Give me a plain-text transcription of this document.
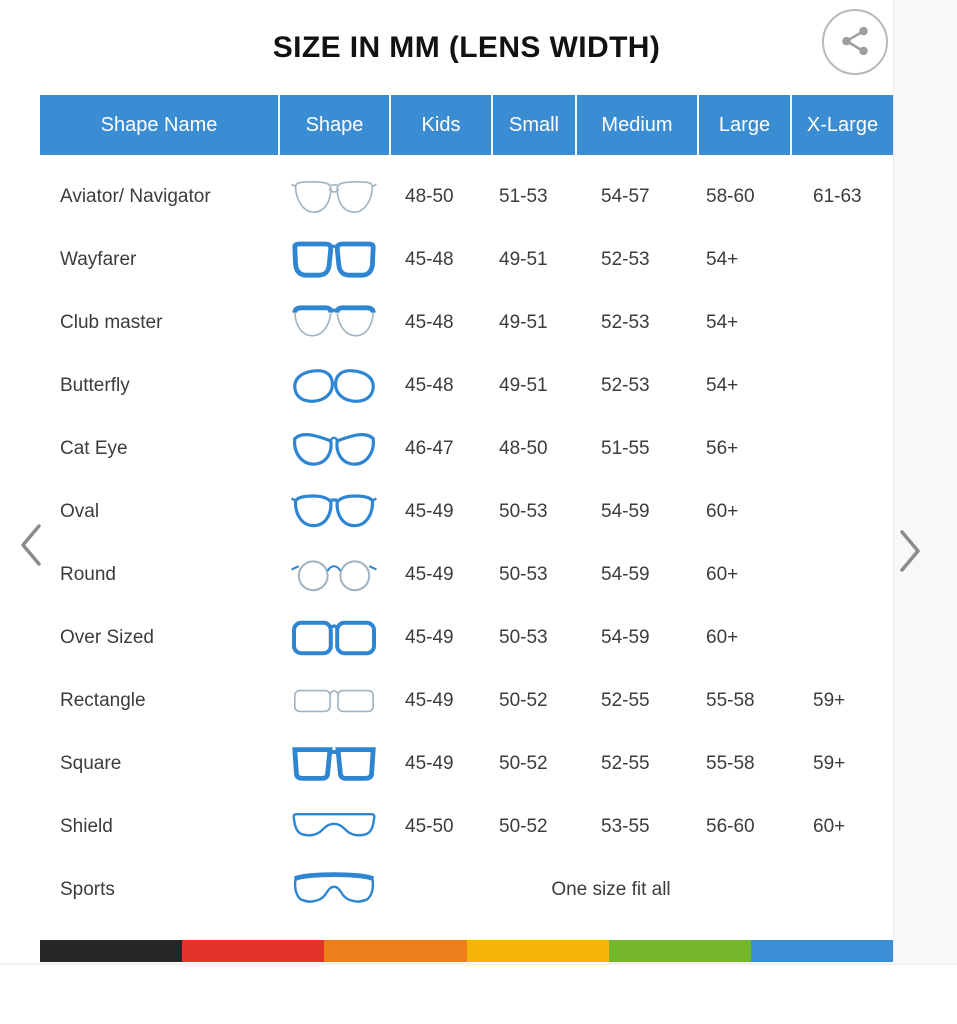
SIZE IN MM (LENS WIDTH)
Shape Name	Shape	Kids	Small	Medium	Large	X-Large
Aviator/ Navigator	48-50	51-53	54-57	58-60	61-63
Wayfarer	45-48	49-51	52-53	54+
Club master	45-48	49-51	52-53	54+
Butterfly	45-48	49-51	52-53	54+
Cat Eye	46-47	48-50	51-55	56+
Oval	45-49	50-53	54-59	60+
Round	45-49	50-53	54-59	60+
Over Sized	45-49	50-53	54-59	60+
Rectangle	45-49	50-52	52-55	55-58	59+
Square	45-49	50-52	52-55	55-58	59+
Shield	45-50	50-52	53-55	56-60	60+
Sports	One size fit all
